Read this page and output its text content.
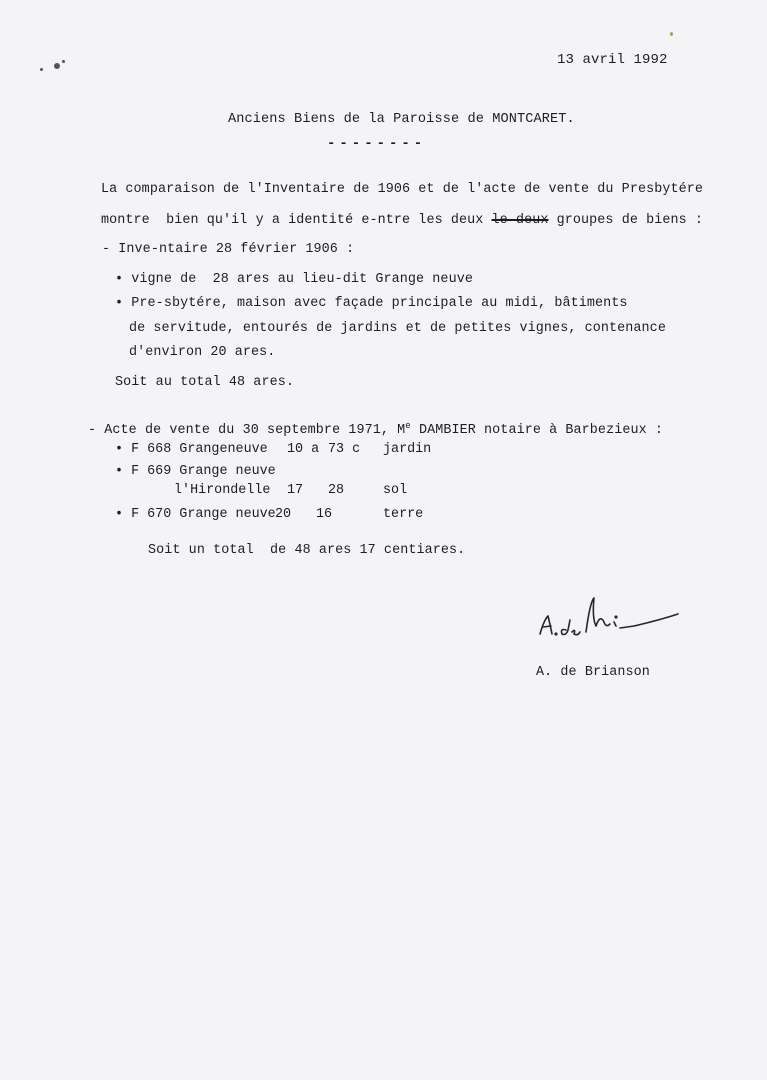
13 avril 1992
Anciens Biens de la Paroisse de MONTCARET.
--------
La comparaison de l'Inventaire de 1906 et de l'acte de vente du Presbytére
montre  bien qu'il y a identité e-ntre les deux le deux groupes de biens :
- Inve-ntaire 28 février 1906 :
• vigne de  28 ares au lieu-dit Grange neuve
• Pre-sbytére, maison avec façade principale au midi, bâtiments
de servitude, entourés de jardins et de petites vignes, contenance
d'environ 20 ares.
Soit au total 48 ares.
- Acte de vente du 30 septembre 1971, Me DAMBIER notaire à Barbezieux :
• F 668 Grangeneuve 10 a 73 c jardin
• F 669 Grange neuve
l'Hirondelle 17 28	sol
• F 670 Grange neuve 20 16	terre
Soit un total  de 48 ares 17 centiares.
A. de Brianson
